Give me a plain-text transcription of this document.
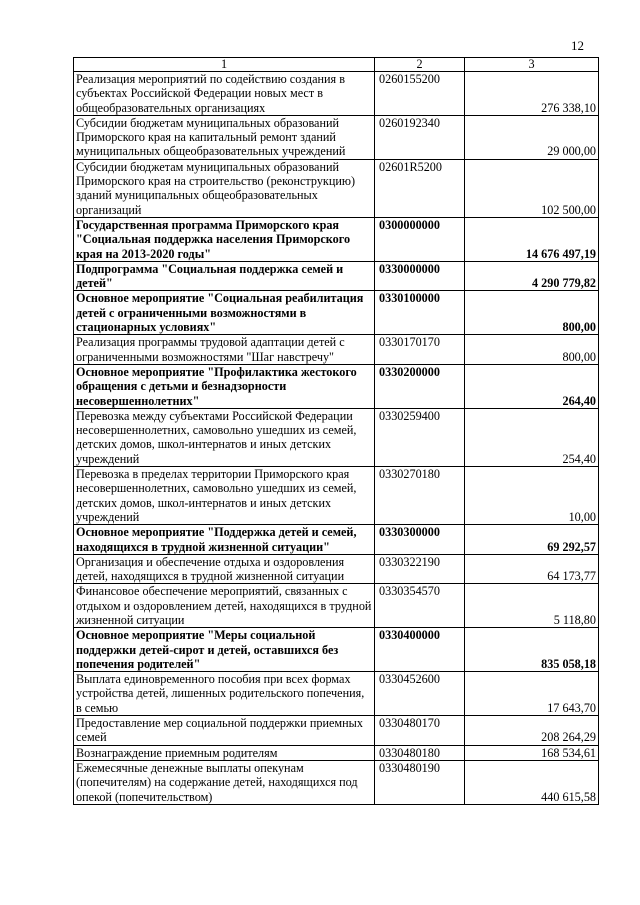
12
1	2	3
Реализация мероприятий по содействию создания в субъектах Российской Федерации новых мест в общеобразовательных организациях	0260155200	276 338,10
Субсидии бюджетам муниципальных образований Приморского края на капитальный ремонт зданий муниципальных общеобразовательных учреждений	0260192340	29 000,00
Субсидии бюджетам муниципальных образований Приморского края на строительство (реконструкцию) зданий муниципальных общеобразовательных организаций	02601R5200	102 500,00
Государственная программа Приморского края "Социальная поддержка населения Приморского края на 2013-2020 годы"	0300000000	14 676 497,19
Подпрограмма "Социальная поддержка семей и детей"	0330000000	4 290 779,82
Основное мероприятие "Социальная реабилитация детей с ограниченными возможностями в стационарных условиях"	0330100000	800,00
Реализация программы трудовой адаптации детей с ограниченными возможностями "Шаг навстречу"	0330170170	800,00
Основное мероприятие "Профилактика жестокого обращения с детьми и безнадзорности несовершеннолетних"	0330200000	264,40
Перевозка между субъектами Российской Федерации несовершеннолетних, самовольно ушедших из семей, детских домов, школ-интернатов и иных детских учреждений	0330259400	254,40
Перевозка в пределах территории Приморского края несовершеннолетних, самовольно ушедших из семей, детских домов, школ-интернатов и иных детских учреждений	0330270180	10,00
Основное мероприятие "Поддержка детей и семей, находящихся в трудной жизненной ситуации"	0330300000	69 292,57
Организация и обеспечение отдыха и оздоровления детей, находящихся в трудной жизненной ситуации	0330322190	64 173,77
Финансовое обеспечение мероприятий, связанных с отдыхом и оздоровлением детей, находящихся в трудной жизненной ситуации	0330354570	5 118,80
Основное мероприятие "Меры социальной поддержки детей-сирот и детей, оставшихся без попечения родителей"	0330400000	835 058,18
Выплата единовременного пособия при всех формах устройства детей, лишенных родительского попечения, в семью	0330452600	17 643,70
Предоставление мер социальной поддержки приемных семей	0330480170	208 264,29
Вознаграждение приемным родителям	0330480180	168 534,61
Ежемесячные денежные выплаты опекунам (попечителям) на содержание детей, находящихся под опекой (попечительством)	0330480190	440 615,58
